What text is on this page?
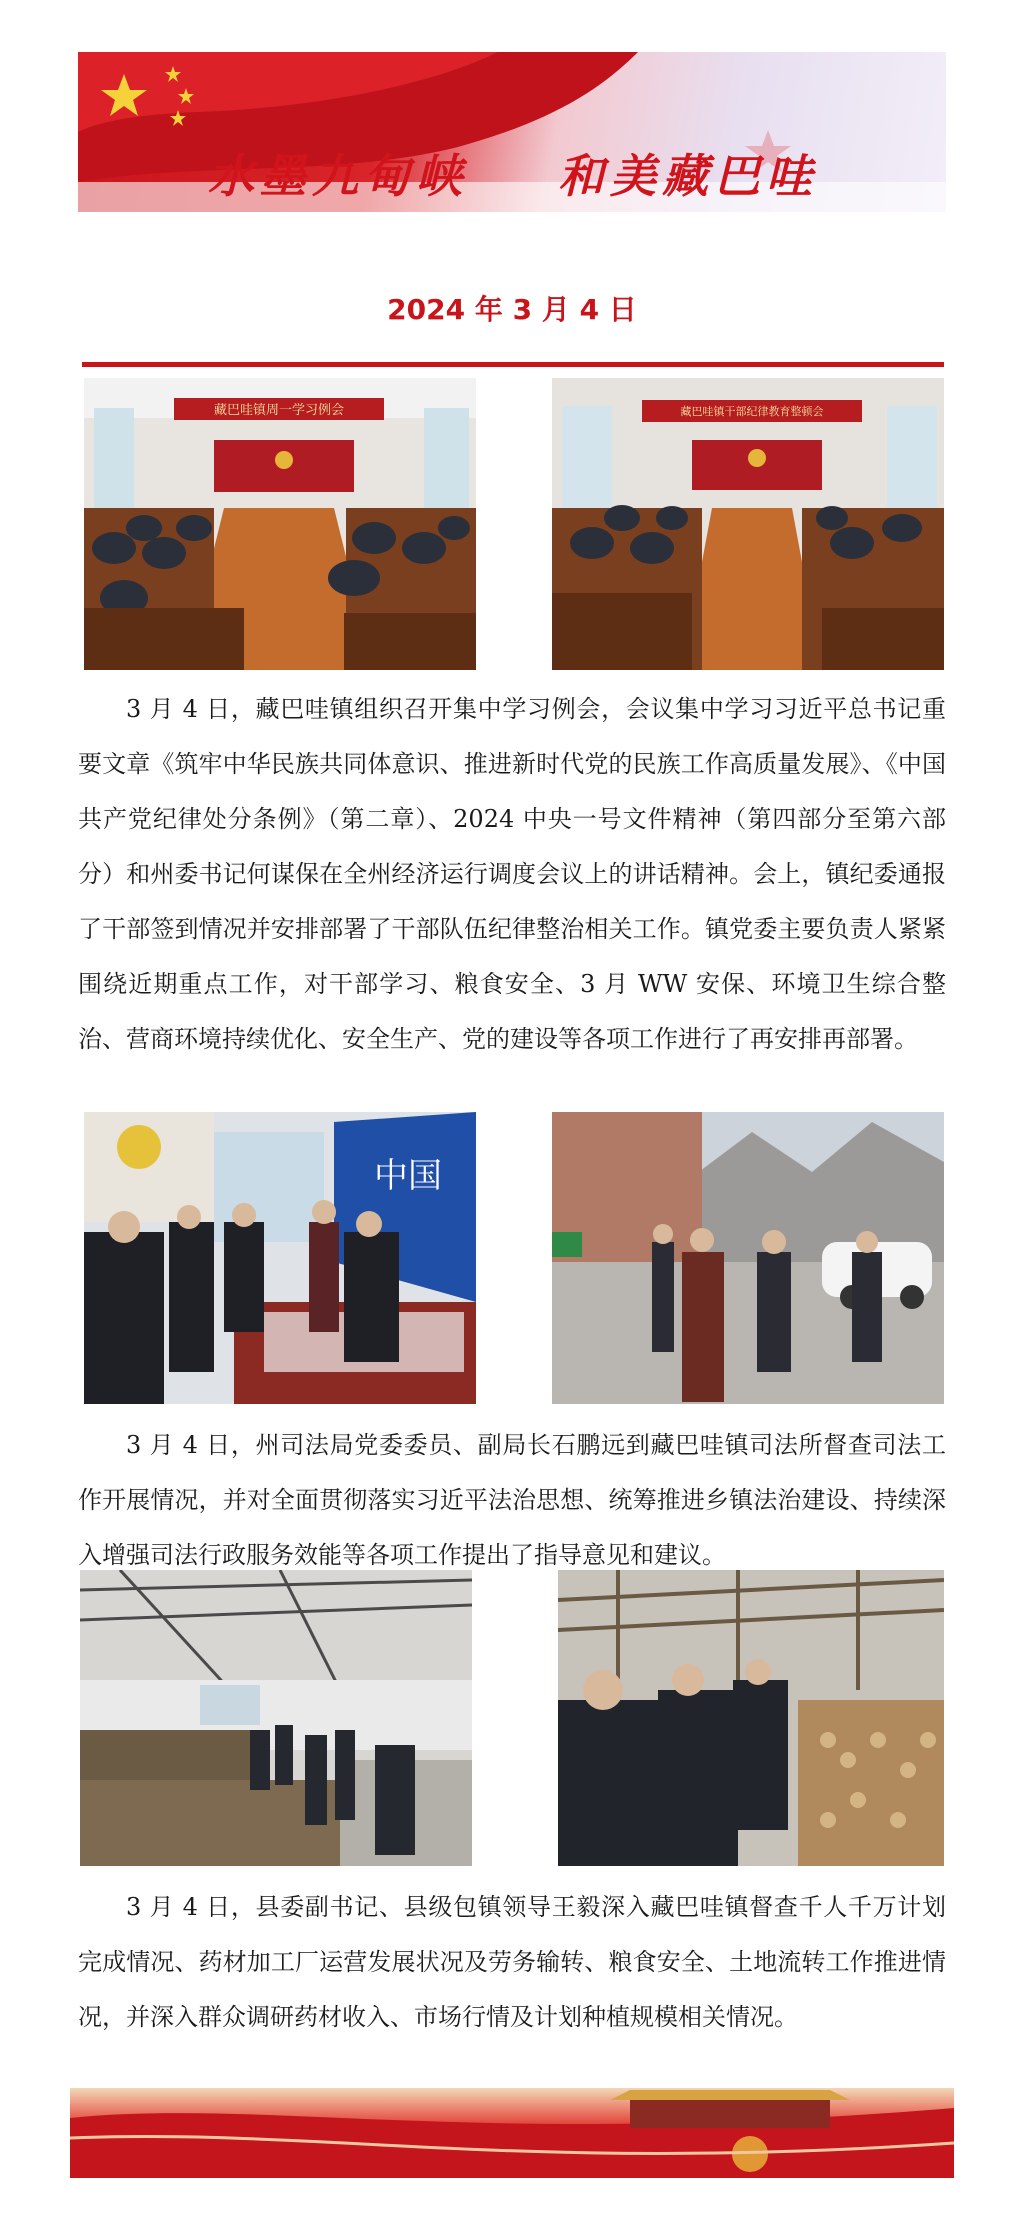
水墨九甸峡 和美藏巴哇
2024 年 3 月 4 日
藏巴哇镇周一学习例会	藏巴哇镇干部纪律教育整顿会

3 月 4 日，藏巴哇镇组织召开集中学习例会，会议集中学习习近平总书记重要文章《筑牢中华民族共同体意识、推进新时代党的民族工作高质量发展》、《中国共产党纪律处分条例》（第二章）、2024 中央一号文件精神（第四部分至第六部分）和州委书记何谋保在全州经济运行调度会议上的讲话精神。会上，镇纪委通报了干部签到情况并安排部署了干部队伍纪律整治相关工作。镇党委主要负责人紧紧围绕近期重点工作，对干部学习、粮食安全、3 月 WW 安保、环境卫生综合整治、营商环境持续优化、安全生产、党的建设等各项工作进行了再安排再部署。

中国

3 月 4 日，州司法局党委委员、副局长石鹏远到藏巴哇镇司法所督查司法工作开展情况，并对全面贯彻落实习近平法治思想、统筹推进乡镇法治建设、持续深入增强司法行政服务效能等各项工作提出了指导意见和建议。

3 月 4 日，县委副书记、县级包镇领导王毅深入藏巴哇镇督查千人千万计划完成情况、药材加工厂运营发展状况及劳务输转、粮食安全、土地流转工作推进情况，并深入群众调研药材收入、市场行情及计划种植规模相关情况。
